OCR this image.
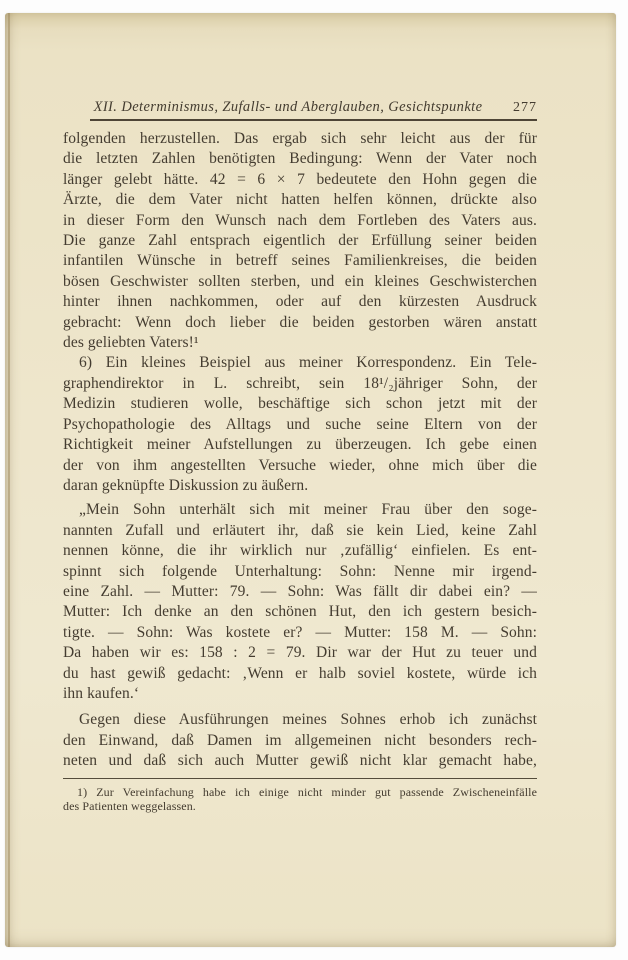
XII. Determinismus, Zufalls- und Aberglauben, Gesichtspunkte	277
folgenden herzustellen. Das ergab sich sehr leicht aus der für
die letzten Zahlen benötigten Bedingung: Wenn der Vater noch
länger gelebt hätte. 42 = 6 × 7 bedeutete den Hohn gegen die
Ärzte, die dem Vater nicht hatten helfen können, drückte also
in dieser Form den Wunsch nach dem Fortleben des Vaters aus.
Die ganze Zahl entsprach eigentlich der Erfüllung seiner beiden
infantilen Wünsche in betreff seines Familienkreises, die beiden
bösen Geschwister sollten sterben, und ein kleines Geschwisterchen
hinter ihnen nachkommen, oder auf den kürzesten Ausdruck
gebracht: Wenn doch lieber die beiden gestorben wären anstatt
des geliebten Vaters!¹
6) Ein kleines Beispiel aus meiner Korrespondenz. Ein Tele-
graphendirektor in L. schreibt, sein 18¹/₂jähriger Sohn, der
Medizin studieren wolle, beschäftige sich schon jetzt mit der
Psychopathologie des Alltags und suche seine Eltern von der
Richtigkeit meiner Aufstellungen zu überzeugen. Ich gebe einen
der von ihm angestellten Versuche wieder, ohne mich über die
daran geknüpfte Diskussion zu äußern.
„Mein Sohn unterhält sich mit meiner Frau über den soge-
nannten Zufall und erläutert ihr, daß sie kein Lied, keine Zahl
nennen könne, die ihr wirklich nur ‚zufällig‘ einfielen. Es ent-
spinnt sich folgende Unterhaltung: Sohn: Nenne mir irgend-
eine Zahl. — Mutter: 79. — Sohn: Was fällt dir dabei ein? —
Mutter: Ich denke an den schönen Hut, den ich gestern besich-
tigte. — Sohn: Was kostete er? — Mutter: 158 M. — Sohn:
Da haben wir es: 158 : 2 = 79. Dir war der Hut zu teuer und
du hast gewiß gedacht: ‚Wenn er halb soviel kostete, würde ich
ihn kaufen.‘
Gegen diese Ausführungen meines Sohnes erhob ich zunächst
den Einwand, daß Damen im allgemeinen nicht besonders rech-
neten und daß sich auch Mutter gewiß nicht klar gemacht habe,
1) Zur Vereinfachung habe ich einige nicht minder gut passende Zwischeneinfälle
des Patienten weggelassen.
